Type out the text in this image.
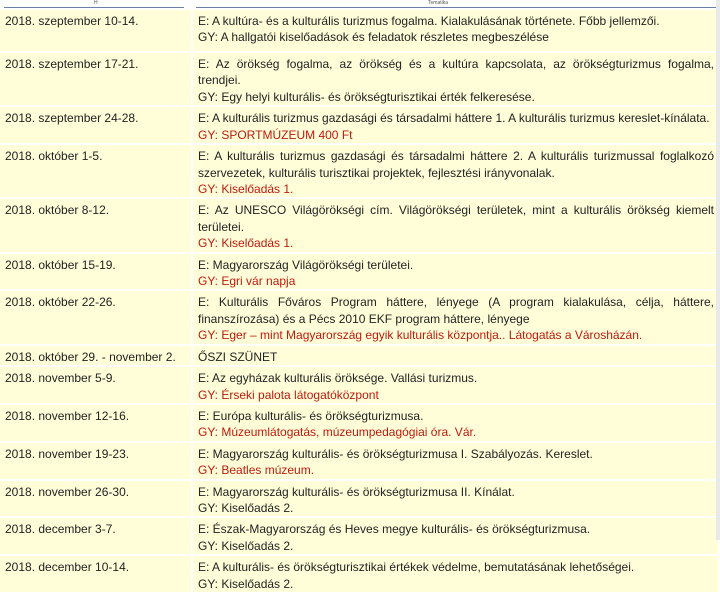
H	Tematika
2018. szeptember 10-14.	E: A kultúra- és a kulturális turizmus fogalma. Kialakulásának története. Főbb jellemzői.
GY: A hallgatói kiselőadások és feladatok részletes megbeszélése

2018. szeptember 17-21.	E: Az örökség fogalma, az örökség és a kultúra kapcsolata, az örökségturizmus fogalma, trendjei.
GY: Egy helyi kulturális- és örökségturisztikai érték felkeresése.

2018. szeptember 24-28.	E: A kulturális turizmus gazdasági és társadalmi háttere 1. A kulturális turizmus kereslet-kínálata.
GY: SPORTMÚZEUM 400 Ft

2018. október 1-5.	E: A kulturális turizmus gazdasági és társadalmi háttere 2. A kulturális turizmussal foglalkozó szervezetek, kulturális turisztikai projektek, fejlesztési irányvonalak.
GY: Kiselőadás 1.

2018. október 8-12.	E: Az UNESCO Világörökségi cím. Világörökségi területek, mint a kulturális örökség kiemelt területei.
GY: Kiselőadás 1.

2018. október 15-19.	E: Magyarország Világörökségi területei.
GY: Egri vár napja

2018. október 22-26.	E: Kulturális Főváros Program háttere, lényege (A program kialakulása, célja, háttere, finanszírozása) és a Pécs 2010 EKF program háttere, lényege
GY: Eger – mint Magyarország egyik kulturális központja.. Látogatás a Városházán.

2018. október 29. - november 2.	ŐSZI SZÜNET

2018. november 5-9.	E: Az egyházak kulturális öröksége. Vallási turizmus.
GY: Érseki palota látogatóközpont

2018. november 12-16.	E: Európa kulturális- és örökségturizmusa.
GY: Múzeumlátogatás, múzeumpedagógiai óra. Vár.

2018. november 19-23.	E: Magyarország kulturális- és örökségturizmusa I. Szabályozás. Kereslet.
GY: Beatles múzeum.

2018. november 26-30.	E: Magyarország kulturális- és örökségturizmusa II. Kínálat.
GY: Kiselőadás 2.

2018. december 3-7.	E: Észak-Magyarország és Heves megye kulturális- és örökségturizmusa.
GY: Kiselőadás 2.

2018. december 10-14.	E: A kulturális- és örökségturisztikai értékek védelme, bemutatásának lehetőségei.
GY: Kiselőadás 2.
